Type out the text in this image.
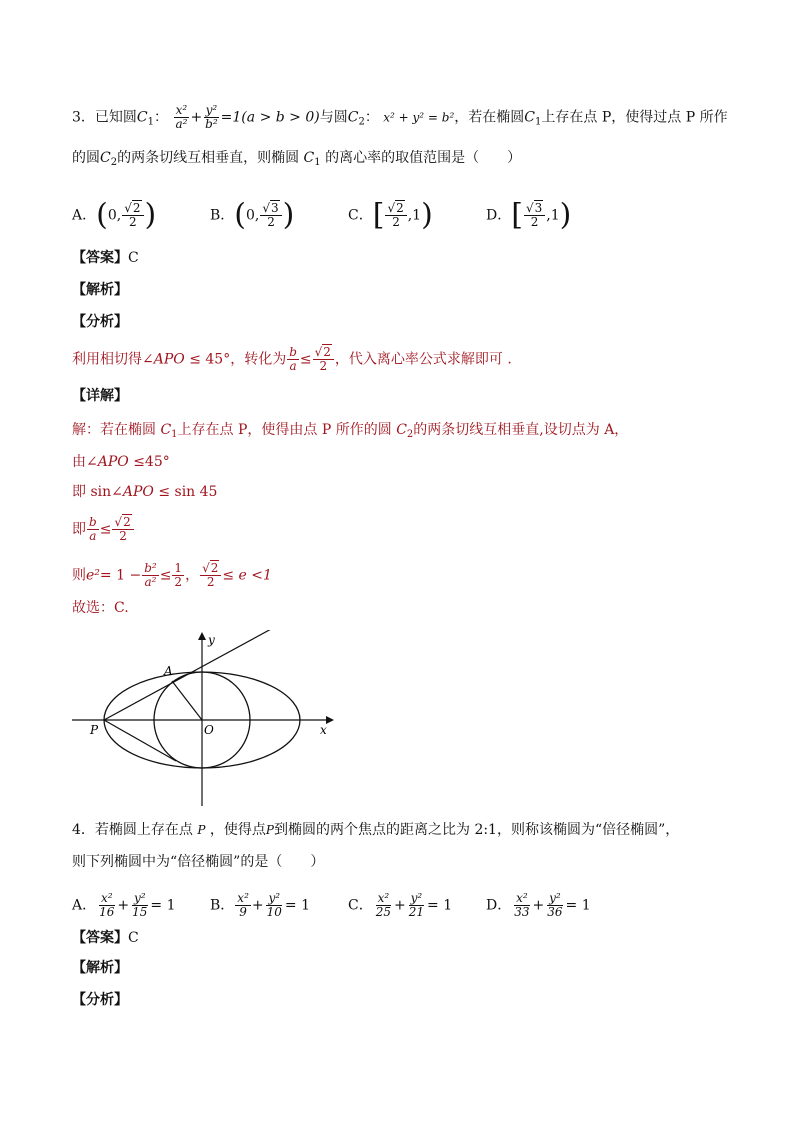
3．已知圆$C_1$： $\frac{\text{x²}}{\text{a²}} + \frac{\text{y²}}{\text{b²}} =1(a > b > 0)$与圆$C_2$： x² + y² = b²，若在椭圆$C_1$上存在点 P，使得过点 P 所作
的圆$C_2$的两条切线互相垂直，则椭圆 $C_1$ 的离心率的取值范围是（　　）
A．(0, $\frac{√2}{2}$ )	B．(0, $\frac{√3}{2}$ )	C．[ $\frac{√2}{2} ,1$)	D．[ $\frac{√3}{2} ,1$)
【答案】C
【解析】
【分析】
利用相切得∠APO ≤ 45°，转化为 $\frac{b}{a} \le \frac{√2}{2}$ ，代入离心率公式求解即可 .
【详解】
解：若在椭圆 $C_1$上存在点 P，使得由点 P 所作的圆 $C_2$的两条切线互相垂直,设切点为 A，
由∠APO ≤45°
即 sin∠APO ≤ sin 45
即 $\frac{b}{a} \le \frac{√2}{2}$
则$e^2= 1 - \frac{\text{b²}}{\text{a²}} \le \frac{1}{2}$ ， $\frac{√2}{2} \le e <1$
故选：C.
A
P	O	x
y
4．若椭圆上存在点 P ，使得点P到椭圆的两个焦点的距离之比为 2:1，则称该椭圆为“倍径椭圆”，
则下列椭圆中为“倍径椭圆”的是（　　）
A． $\frac{\text{x²}}{16} + \frac{\text{y²}}{15} = 1$ B． $\frac{\text{x²}}{9} + \frac{\text{y²}}{10} = 1$	C． $\frac{\text{x²}}{25} + \frac{\text{y²}}{21} = 1$ D． $\frac{\text{x²}}{33} + \frac{\text{y²}}{36} = 1$
【答案】C
【解析】
【分析】
